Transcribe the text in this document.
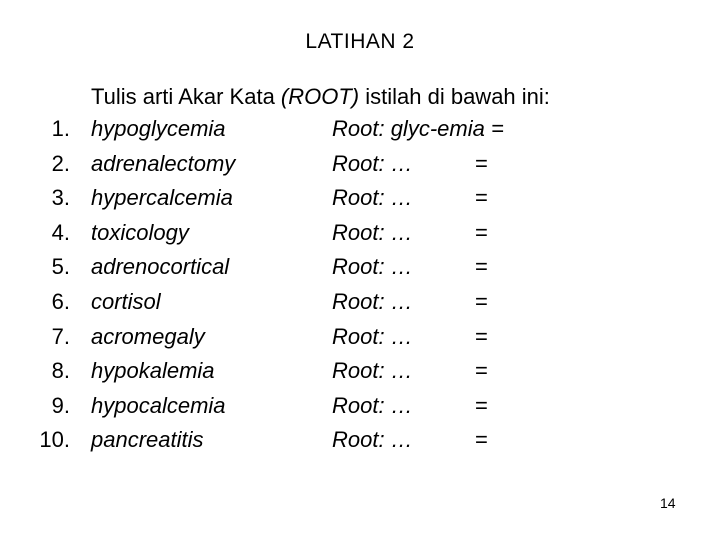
LATIHAN 2
Tulis arti Akar Kata (ROOT) istilah di bawah ini:
1. hypoglycemia	Root: glyc-emia =
2. adrenalectomy	Root: …	=
3. hypercalcemia	Root: …	=
4. toxicology	Root: …	=
5. adrenocortical	Root: …	=
6. cortisol	Root: …	=
7. acromegaly	Root: …	=
8. hypokalemia	Root: …	=
9. hypocalcemia	Root: …	=
10. pancreatitis	Root: …	=
14
